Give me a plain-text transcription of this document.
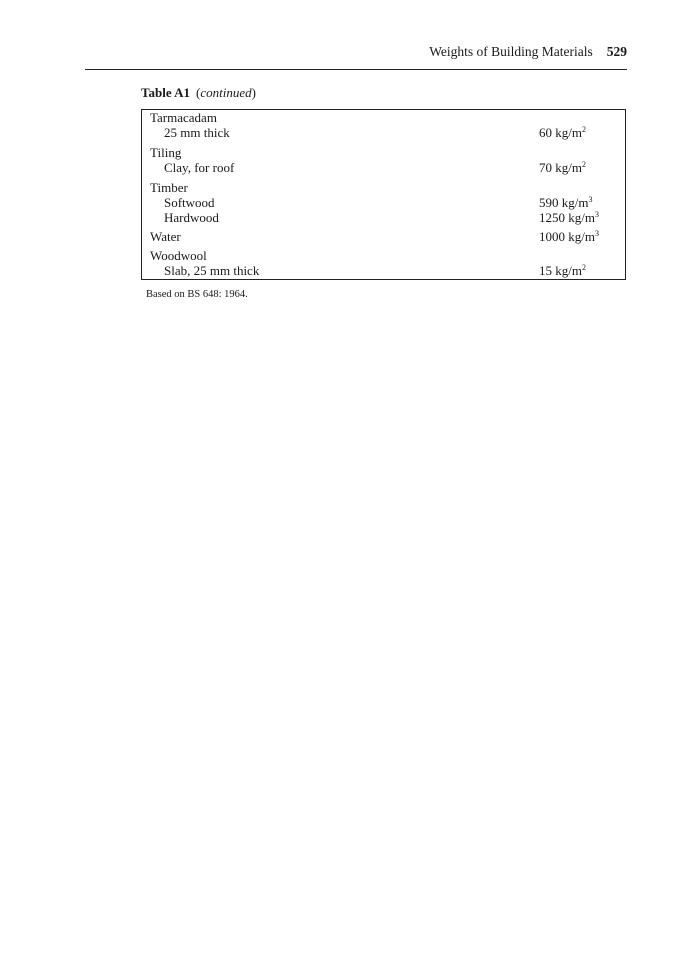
Weights of Building Materials 529
Table A1 (continued)
Tarmacadam
25 mm thick	60 $kg/m^2$
Tiling
Clay, for roof	70 $kg/m^2$
Timber
Softwood	590 $kg/m^3$
Hardwood	1250 $kg/m^3$
Water	1000 $kg/m^3$
Woodwool
Slab, 25 mm thick	15 $kg/m^2$
Based on BS 648: 1964.
